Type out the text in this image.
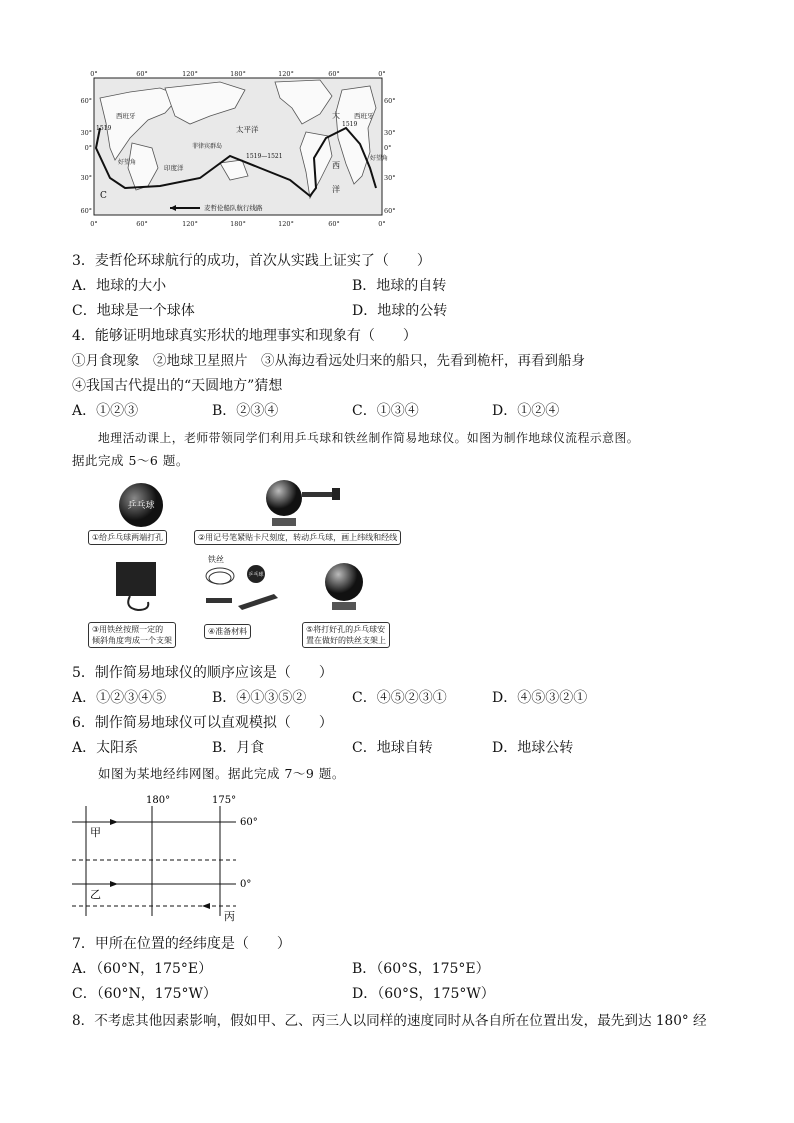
0°	60°	120°	180°	120°	60°	0°
0°	60°	120°	180°	120°	60°	0°
60°
30°
0°
30°
60°
60°
30°
0°
30°
60°
西班牙
1519	太平洋
大
西
洋
印度洋
好望角
C
菲律宾群岛
1519—1521
西班牙
1519
好望角
麦哲伦船队航行线路
3．麦哲伦环球航行的成功，首次从实践上证实了（　　）
A．地球的大小	B．地球的自转
C．地球是一个球体	D．地球的公转
4．能够证明地球真实形状的地理事实和现象有（　　）
①月食现象　②地球卫星照片　③从海边看远处归来的船只，先看到桅杆，再看到船身
④我国古代提出的“天圆地方”猜想
A．①②③	B．②③④	C．①③④	D．①②④
地理活动课上，老师带领同学们利用乒乓球和铁丝制作简易地球仪。如图为制作地球仪流程示意图。
据此完成 5～6 题。
乒乓球
①给乒乓球两端打孔	②用记号笔紧贴卡尺刻度，转动乒乓球，画上纬线和经线
铁丝
乒乓球
③用铁丝按照一定的
倾斜角度弯成一个支架
④准备材料	⑤将打好孔的乒乓球安
置在做好的铁丝支架上
5．制作简易地球仪的顺序应该是（　　）
A．①②③④⑤	B．④①③⑤②	C．④⑤②③①	D．④⑤③②①
6．制作简易地球仪可以直观模拟（　　）
A．太阳系	B．月食	C．地球自转	D．地球公转
如图为某地经纬网图。据此完成 7～9 题。
180°	175°
60°
0°
甲
乙
丙
7．甲所在位置的经纬度是（　　）
A．（60°N，175°E）	B．（60°S，175°E）
C．（60°N，175°W）	D．（60°S，175°W）
8．不考虑其他因素影响，假如甲、乙、丙三人以同样的速度同时从各自所在位置出发，最先到达 180° 经
